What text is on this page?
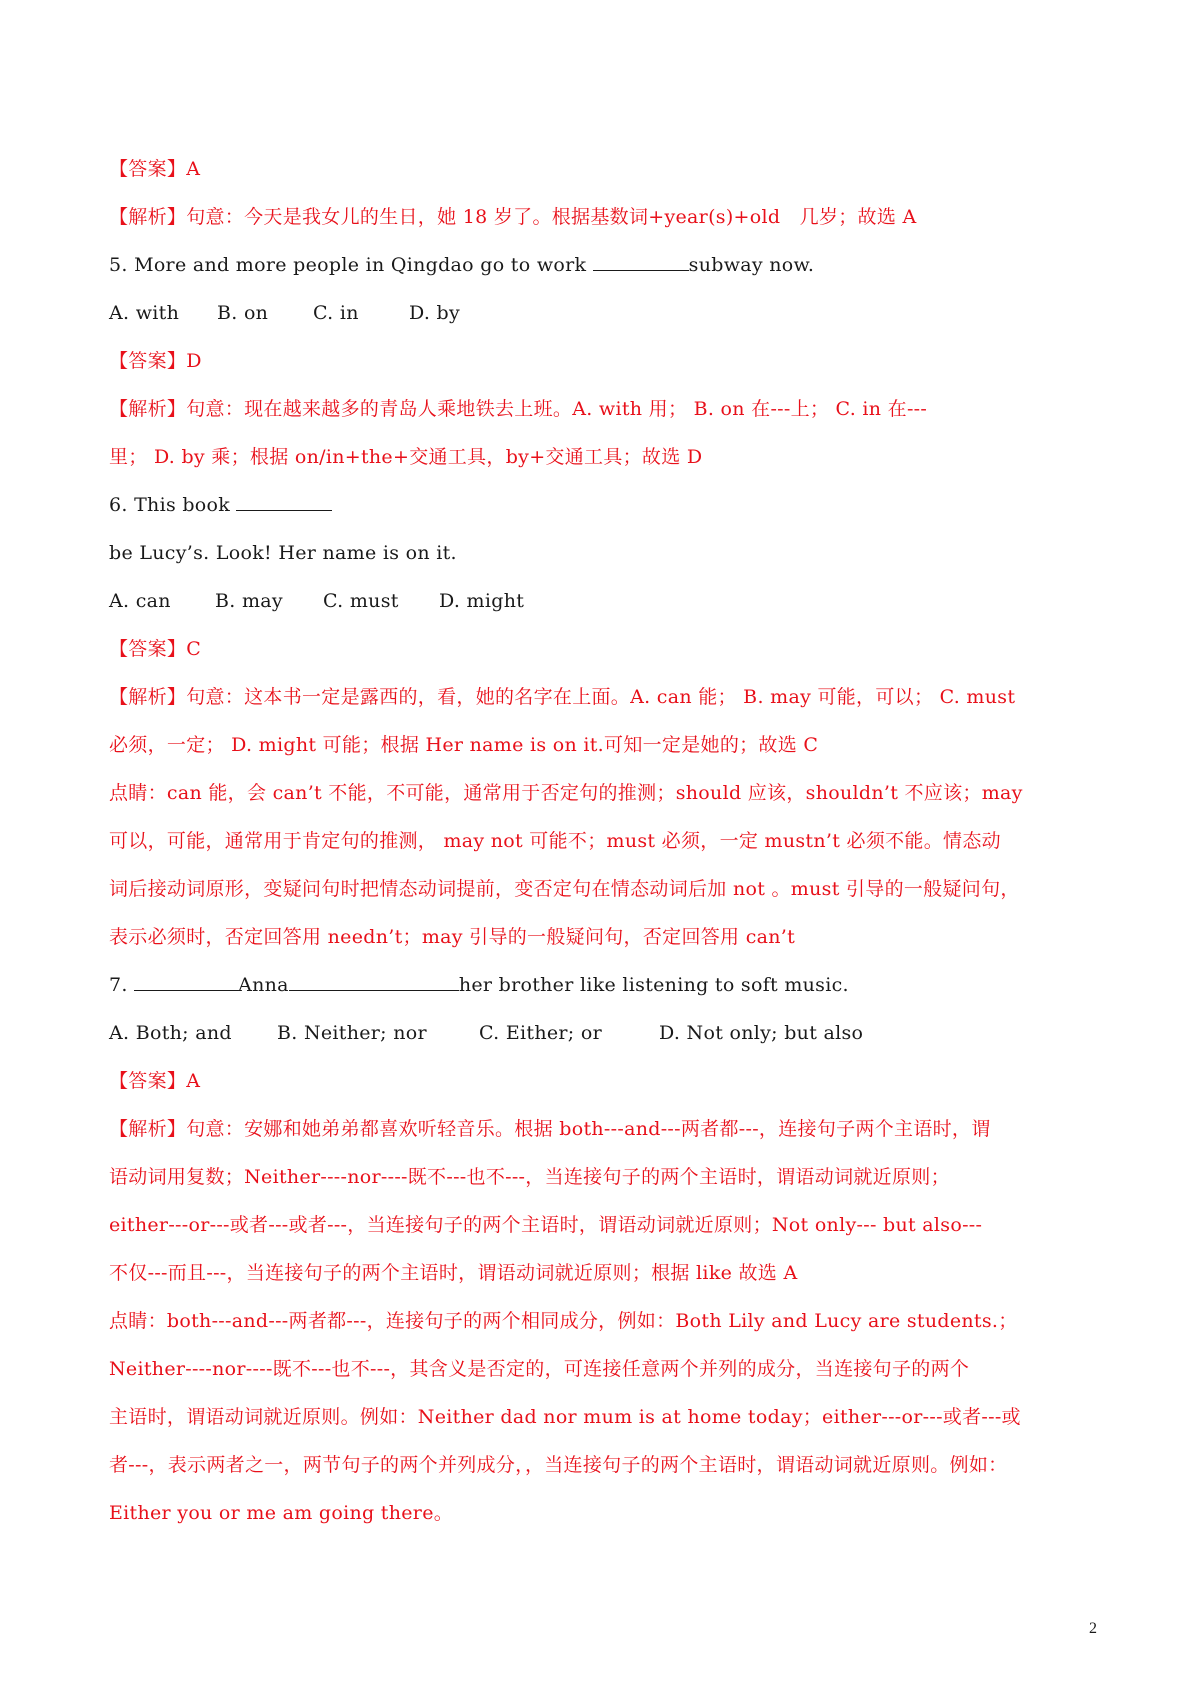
【答案】A
【解析】句意：今天是我女儿的生日，她 18 岁了。根据基数词+year(s)+old　几岁；故选 A
5. More and more people in Qingdao go to work	subway now.
A. with B. on C. in	D. by
【答案】D
【解析】句意：现在越来越多的青岛人乘地铁去上班。A. with 用； B. on 在---上； C. in 在---
里； D. by 乘；根据 on/in+the+交通工具，by+交通工具；故选 D
6. This book
be Lucy’s. Look! Her name is on it.
A. can B. may C. must D. might
【答案】C
【解析】句意：这本书一定是露西的，看，她的名字在上面。A. can 能； B. may 可能，可以； C. must
必须，一定； D. might 可能；根据 Her name is on it.可知一定是她的；故选 C
点睛：can 能，会 can’t 不能，不可能，通常用于否定句的推测；should 应该，shouldn’t 不应该；may
可以，可能，通常用于肯定句的推测， may not 可能不；must 必须，一定 mustn’t 必须不能。情态动
词后接动词原形，变疑问句时把情态动词提前，变否定句在情态动词后加 not 。must 引导的一般疑问句，
表示必须时，否定回答用 needn’t；may 引导的一般疑问句，否定回答用 can’t
7.	Anna	her brother like listening to soft music.
A. Both; and B. Neither; nor	C. Either; or	D. Not only; but also
【答案】A
【解析】句意：安娜和她弟弟都喜欢听轻音乐。根据 both---and---两者都---，连接句子两个主语时，谓
语动词用复数；Neither----nor----既不---也不---，当连接句子的两个主语时，谓语动词就近原则；
either---or---或者---或者---，当连接句子的两个主语时，谓语动词就近原则；Not only--- but also---
不仅---而且---，当连接句子的两个主语时，谓语动词就近原则；根据 like 故选 A
点睛：both---and---两者都---，连接句子的两个相同成分，例如：Both Lily and Lucy are students.；
Neither----nor----既不---也不---，其含义是否定的，可连接任意两个并列的成分，当连接句子的两个
主语时，谓语动词就近原则。例如：Neither dad nor mum is at home today；either---or---或者---或
者---，表示两者之一，两节句子的两个并列成分，，当连接句子的两个主语时，谓语动词就近原则。例如：
Either you or me am going there。
2
